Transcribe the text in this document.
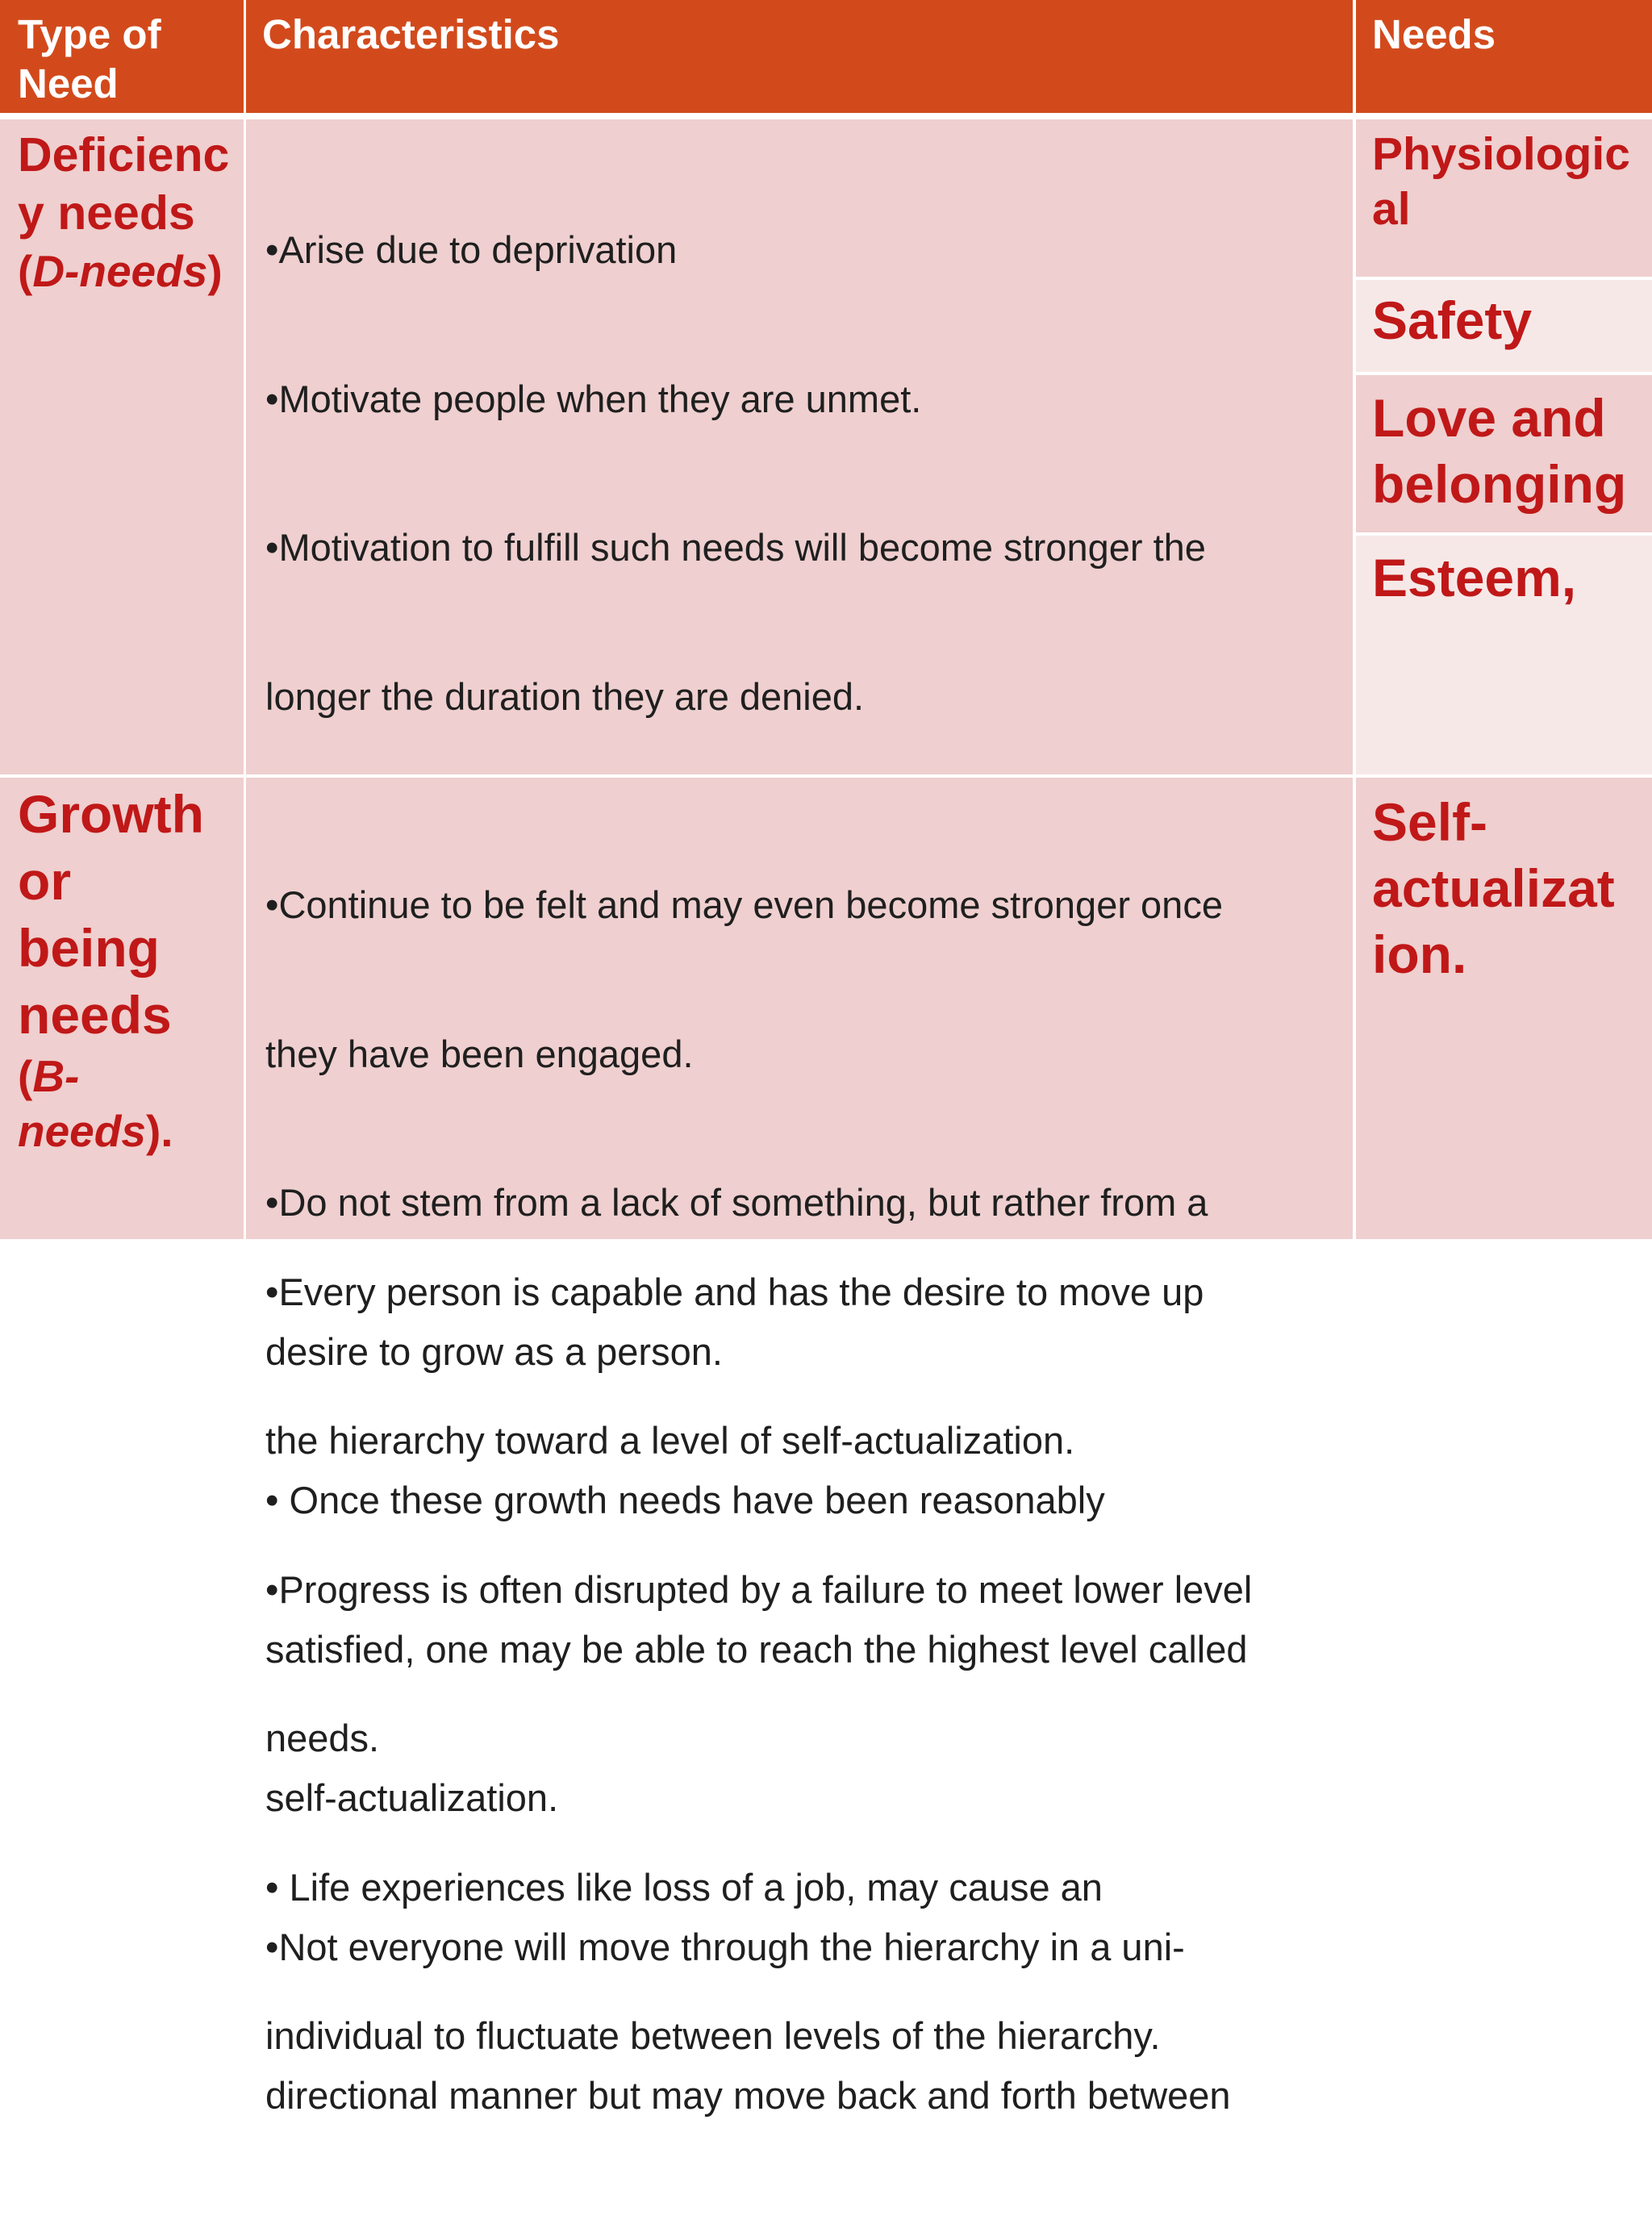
Type of
Need
Characteristics	Needs
Deficienc
y needs
(D-needs)

	•Arise due to deprivation

•Motivate people when they are unmet.

•Motivation to fulfill such needs will become stronger the

longer the duration they are denied.

•Every person is capable and has the desire to move up

the hierarchy toward a level of self-actualization.

•Progress is often disrupted by a failure to meet lower level

needs.

• Life experiences like loss of a job, may cause an

individual to fluctuate between levels of the hierarchy.

Physiologic
al
Safety
Love and
belonging
Esteem,
Growth
or
being
needs
(B-
needs).

•Continue to be felt and may even become stronger once

they have been engaged.

•Do not stem from a lack of something, but rather from a

desire to grow as a person.

• Once these growth needs have been reasonably

satisfied, one may be able to reach the highest level called

self-actualization.

•Not everyone will move through the hierarchy in a uni-

directional manner but may move back and forth between

Self-
actualizat
ion.
